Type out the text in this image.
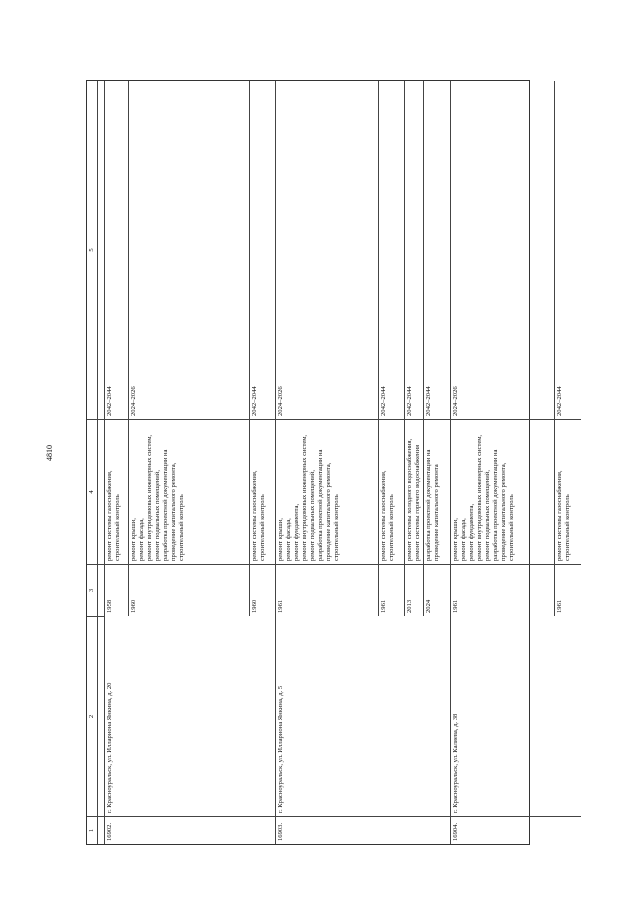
4810
1
2
3
4
5
16902.
г. Красноуральск, ул. Илларионa Янкина, д. 20
1958
ремонт системы газоснабжения, строительный контроль
2042–2044
1960
ремонт крыши, ремонт фасада, ремонт внутридомовых инженерных систем, ремонт подвальных помещений, разработка проектной документации на проведение капитального ремонта, строительный контроль
2024–2026
1960
ремонт системы газоснабжения, строительный контроль
2042–2044
16903.
г. Красноуральск, ул. Илларионa Янкина, д. 5
1961
ремонт крыши, ремонт фасада, ремонт фундамента, ремонт внутридомовых инженерных систем, ремонт подвальных помещений, разработка проектной документации на проведение капитального ремонта, строительный контроль
2024–2026
1961
ремонт системы газоснабжения, строительный контроль
2042–2044
2013
ремонт системы холодного водоснабжения, ремонт системы горячего водоснабжения
2042–2044
2024
разработка проектной документации на проведение капитального ремонта
2042–2044
16904.
г. Красноуральск, ул. Каляева, д. 38
1961
ремонт крыши, ремонт фасада, ремонт фундамента, ремонт внутридомовых инженерных систем, ремонт подвальных помещений, разработка проектной документации на проведение капитального ремонта, строительный контроль
2024–2026
1961
ремонт системы газоснабжения, строительный контроль
2042–2044
